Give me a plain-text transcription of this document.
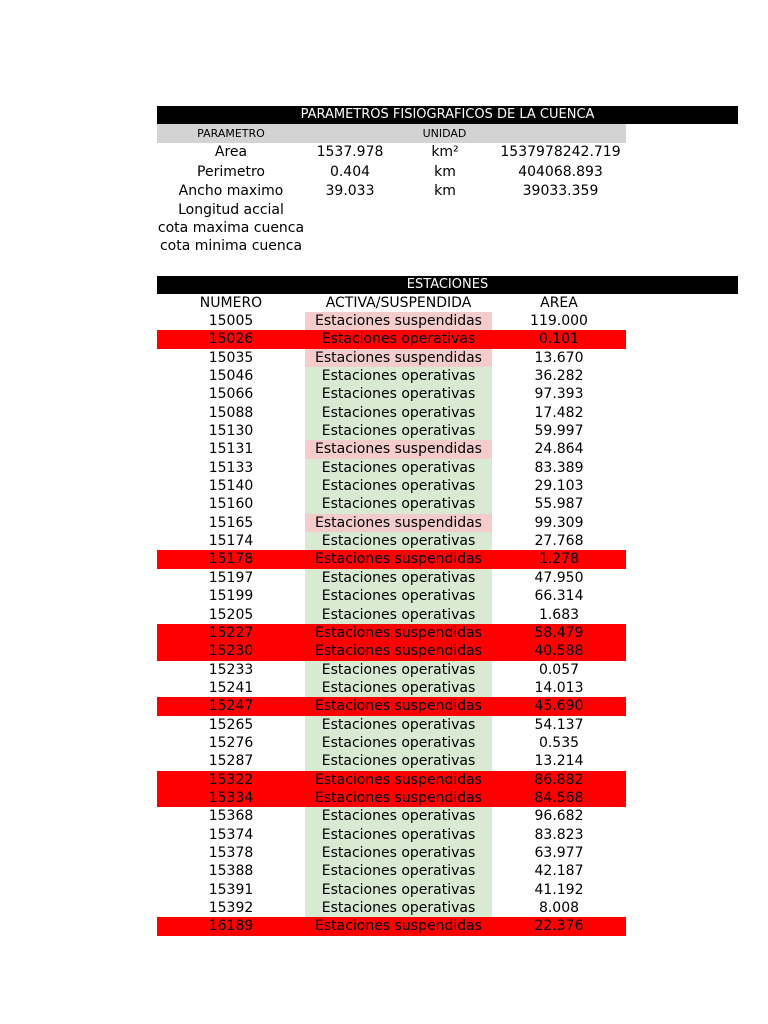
PARAMETROS FISIOGRAFICOS DE LA CUENCA
PARAMETRO	UNIDAD
Area	1537.978	km²	1537978242.719
Perimetro	0.404	km	404068.893
Ancho maximo	39.033	km	39033.359
Longitud accial
cota maxima cuenca
cota minima cuenca
ESTACIONES
NUMERO	ACTIVA/SUSPENDIDA	AREA
15005	Estaciones suspendidas	119.000
15026	Estaciones operativas	0.101
15035	Estaciones suspendidas	13.670
15046	Estaciones operativas	36.282
15066	Estaciones operativas	97.393
15088	Estaciones operativas	17.482
15130	Estaciones operativas	59.997
15131	Estaciones suspendidas	24.864
15133	Estaciones operativas	83.389
15140	Estaciones operativas	29.103
15160	Estaciones operativas	55.987
15165	Estaciones suspendidas	99.309
15174	Estaciones operativas	27.768
15178	Estaciones suspendidas	1.278
15197	Estaciones operativas	47.950
15199	Estaciones operativas	66.314
15205	Estaciones operativas	1.683
15227	Estaciones suspendidas	58.479
15230	Estaciones suspendidas	40.588
15233	Estaciones operativas	0.057
15241	Estaciones operativas	14.013
15247	Estaciones suspendidas	45.690
15265	Estaciones operativas	54.137
15276	Estaciones operativas	0.535
15287	Estaciones operativas	13.214
15322	Estaciones suspendidas	86.882
15334	Estaciones suspendidas	84.568
15368	Estaciones operativas	96.682
15374	Estaciones operativas	83.823
15378	Estaciones operativas	63.977
15388	Estaciones operativas	42.187
15391	Estaciones operativas	41.192
15392	Estaciones operativas	8.008
16189	Estaciones suspendidas	22.376
